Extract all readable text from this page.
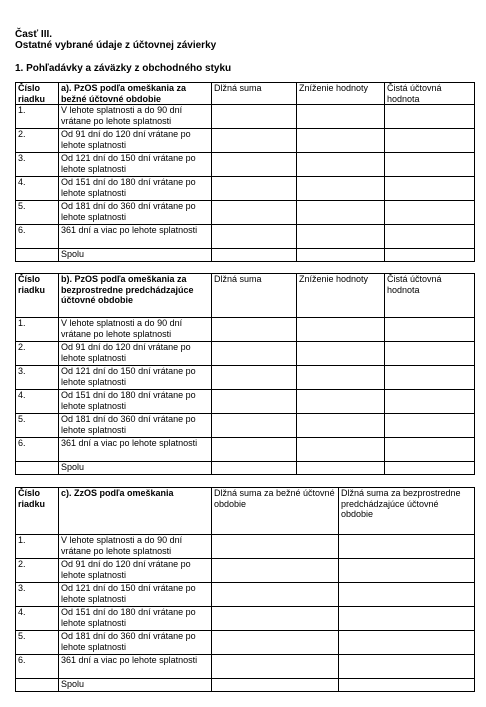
Časť III.
Ostatné vybrané údaje z účtovnej závierky
1. Pohľadávky a záväzky z obchodného styku
Číslo riadku	a). PzOS podľa omeškania za bežné účtovné obdobie	Dlžná suma	Zníženie hodnoty	Čistá účtovná hodnota
1.	V lehote splatnosti a do 90 dní vrátane po lehote splatnosti			
2.	Od 91 dní do 120 dní vrátane po lehote splatnosti			
3.	Od 121 dní do 150 dní vrátane po lehote splatnosti			
4.	Od 151 dní do 180 dní vrátane po lehote splatnosti			
5.	Od 181 dní do 360 dní vrátane po lehote splatnosti			
6.	361 dní a viac po lehote splatnosti			
	Spolu			
Číslo riadku	b). PzOS podľa omeškania za bezprostredne predchádzajúce účtovné obdobie	Dlžná suma	Zníženie hodnoty	Čistá účtovná hodnota
1.	V lehote splatnosti a do 90 dní vrátane po lehote splatnosti			
2.	Od 91 dní do 120 dní vrátane po lehote splatnosti			
3.	Od 121 dní do 150 dní vrátane po lehote splatnosti			
4.	Od 151 dní do 180 dní vrátane po lehote splatnosti			
5.	Od 181 dní do 360 dní vrátane po lehote splatnosti			
6.	361 dní a viac po lehote splatnosti			
	Spolu			
Číslo riadku	c). ZzOS podľa omeškania	Dlžná suma za bežné účtovné obdobie	Dlžná suma za bezprostredne predchádzajúce účtovné obdobie
1.	V lehote splatnosti a do 90 dní vrátane po lehote splatnosti		
2.	Od 91 dní do 120 dní vrátane po lehote splatnosti		
3.	Od 121 dní do 150 dní vrátane po lehote splatnosti		
4.	Od 151 dní do 180 dní vrátane po lehote splatnosti		
5.	Od 181 dní do 360 dní vrátane po lehote splatnosti		
6.	361 dní a viac po lehote splatnosti		
	Spolu		
